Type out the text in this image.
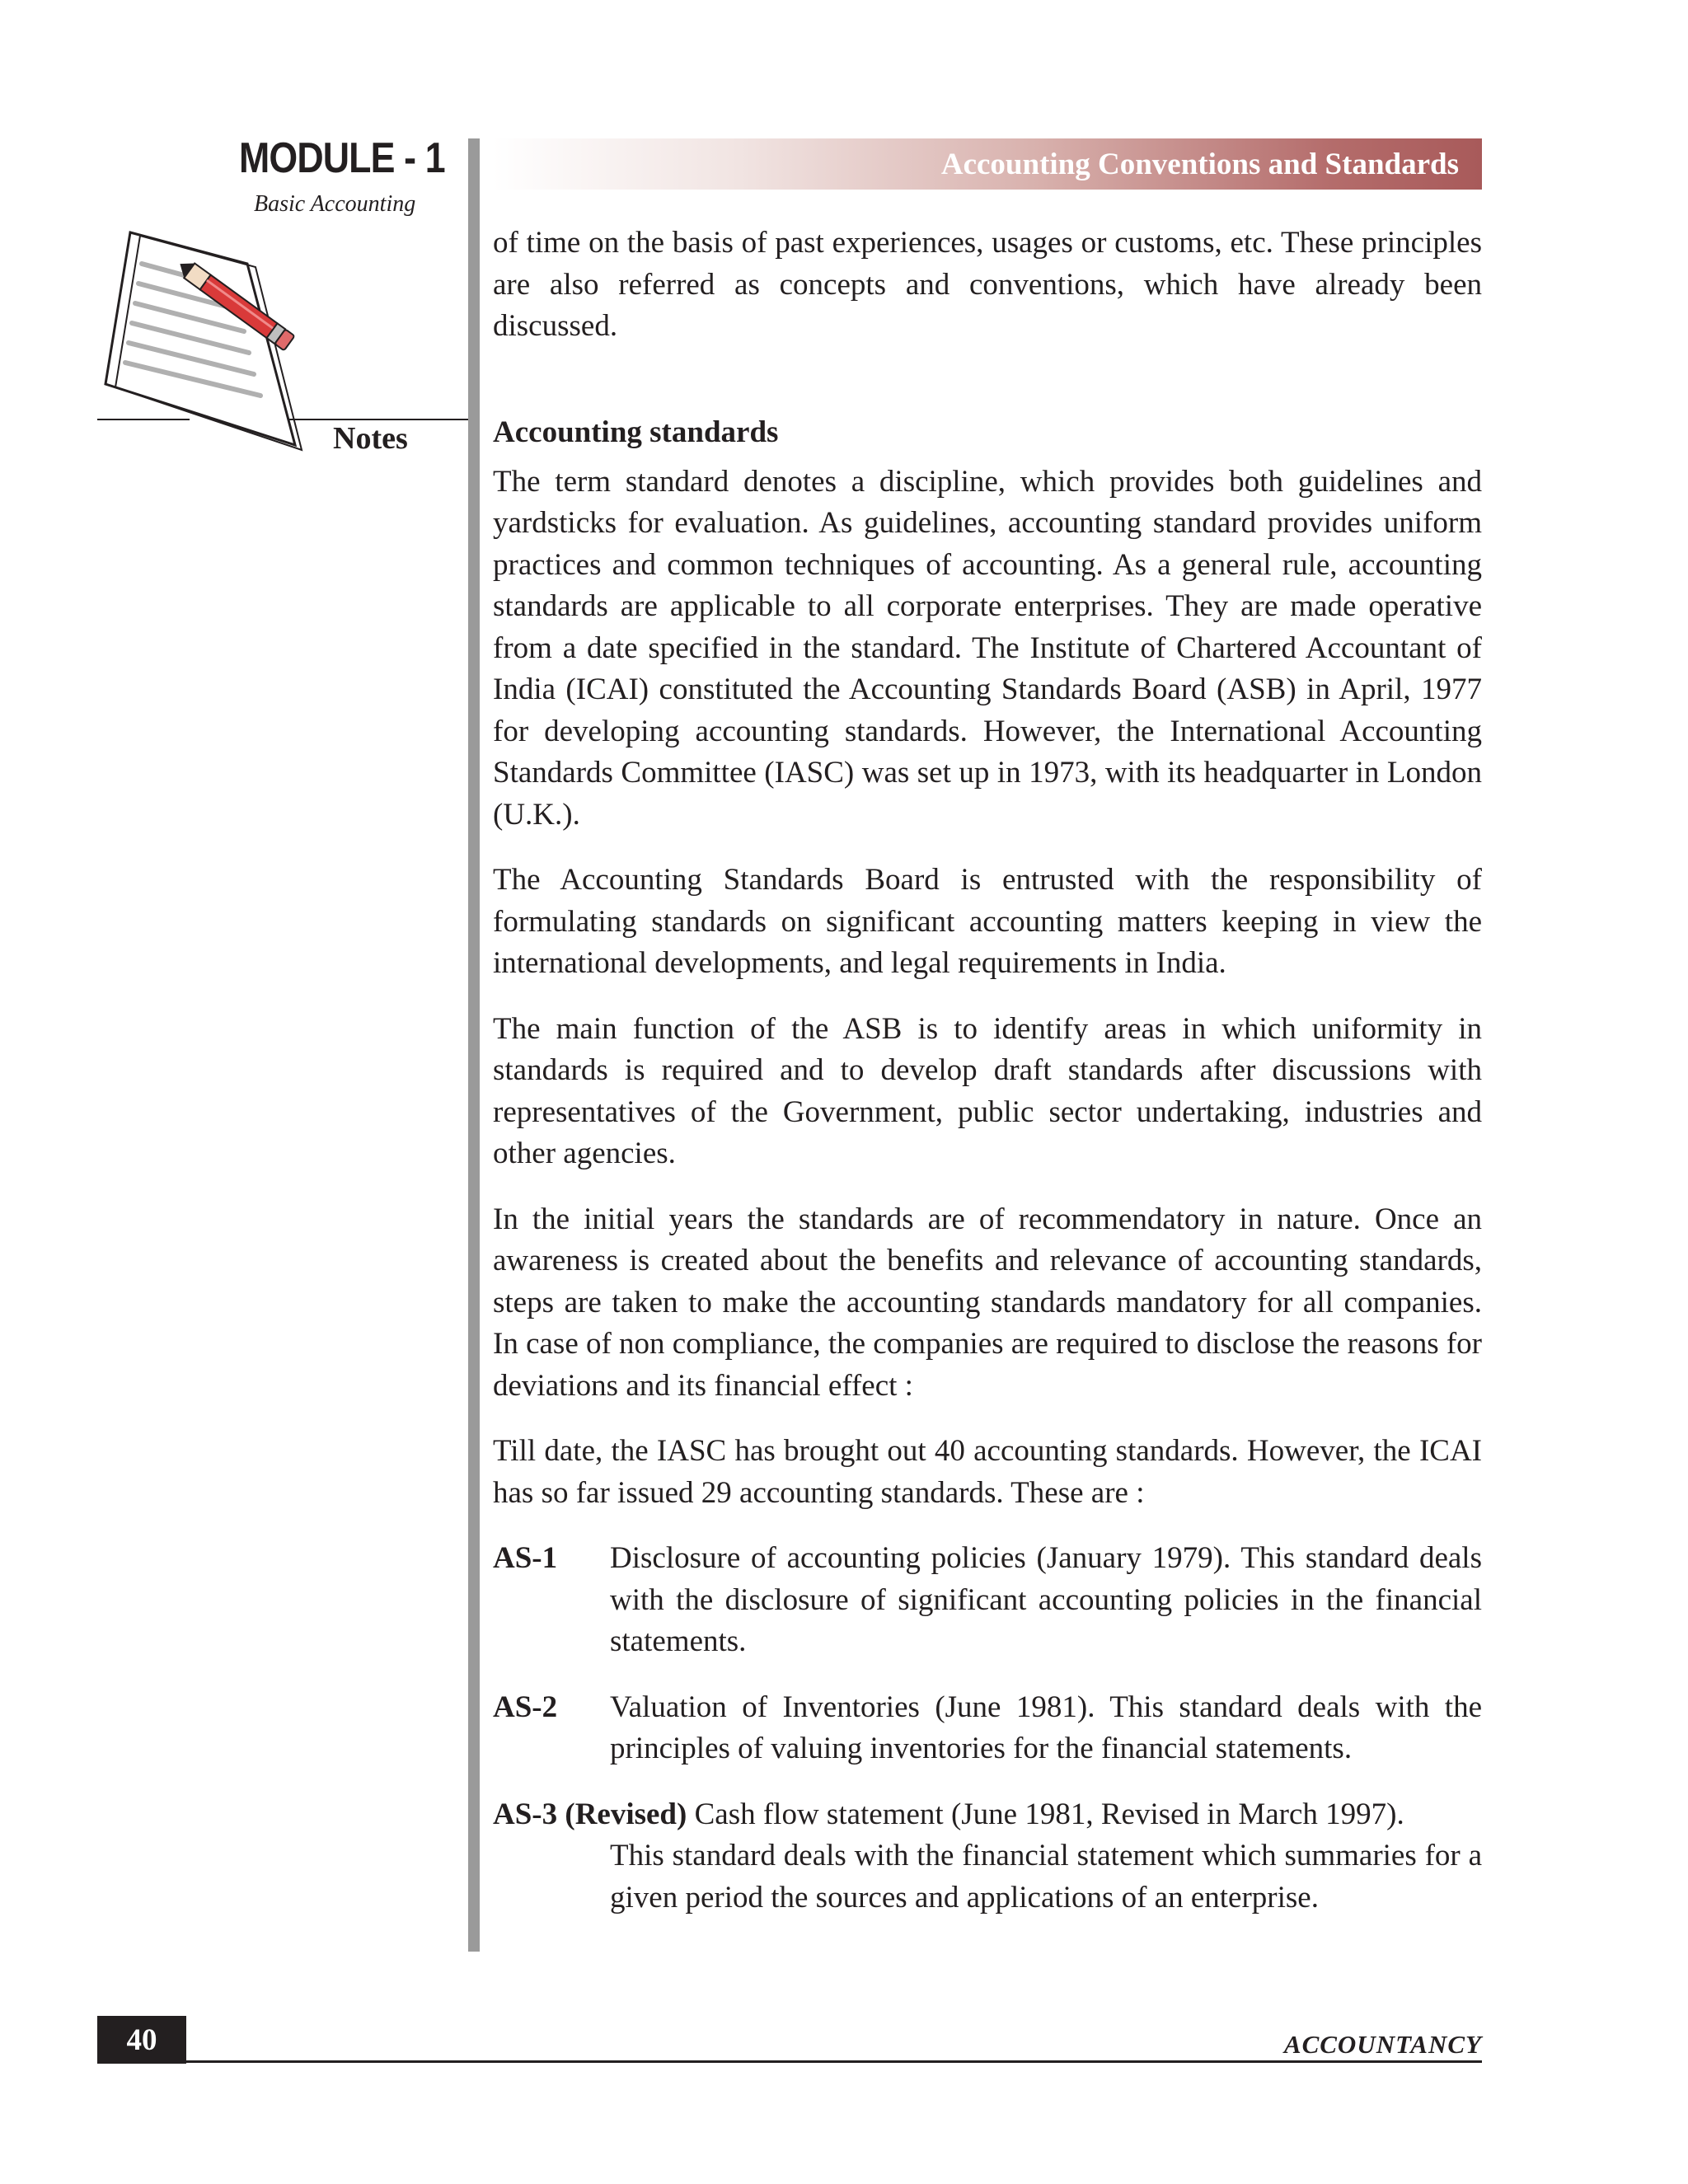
MODULE - 1
Basic Accounting
Notes
Accounting Conventions and Standards

of time on the basis of past experiences, usages or customs, etc. These principles are also referred as concepts and conventions, which have already been discussed.

Accounting standards

The term standard denotes a discipline, which provides both guidelines and yardsticks for evaluation. As guidelines, accounting standard provides uniform practices and common techniques of accounting. As a general rule, accounting standards are applicable to all corporate enterprises. They are made operative from a date specified in the standard. The Institute of Chartered Accountant of India (ICAI) constituted the Accounting Standards Board (ASB) in April, 1977 for developing accounting standards. However, the International Accounting Standards Committee (IASC) was set up in 1973, with its headquarter in London (U.K.).

The Accounting Standards Board is entrusted with the responsibility of formulating standards on significant accounting matters keeping in view the international developments, and legal requirements in India.

The main function of the ASB is to identify areas in which uniformity in standards is required and to develop draft standards after discussions with representatives of the Government, public sector undertaking, industries and other agencies.

In the initial years the standards are of recommendatory in nature. Once an awareness is created about the benefits and relevance of accounting standards, steps are taken to make the accounting standards mandatory for all companies. In case of non compliance, the companies are required to disclose the reasons for deviations and its financial effect :

Till date, the IASC has brought out 40 accounting standards. However, the ICAI has so far issued 29 accounting standards. These are :

AS-1 Disclosure of accounting policies (January 1979). This standard deals with the disclosure of significant accounting policies in the financial statements.
AS-2 Valuation of Inventories (June 1981). This standard deals with the principles of valuing inventories for the financial statements.
AS-3 (Revised) Cash flow statement (June 1981, Revised in March 1997).
This standard deals with the financial statement which summaries for a given period the sources and applications of an enterprise.
40	ACCOUNTANCY
